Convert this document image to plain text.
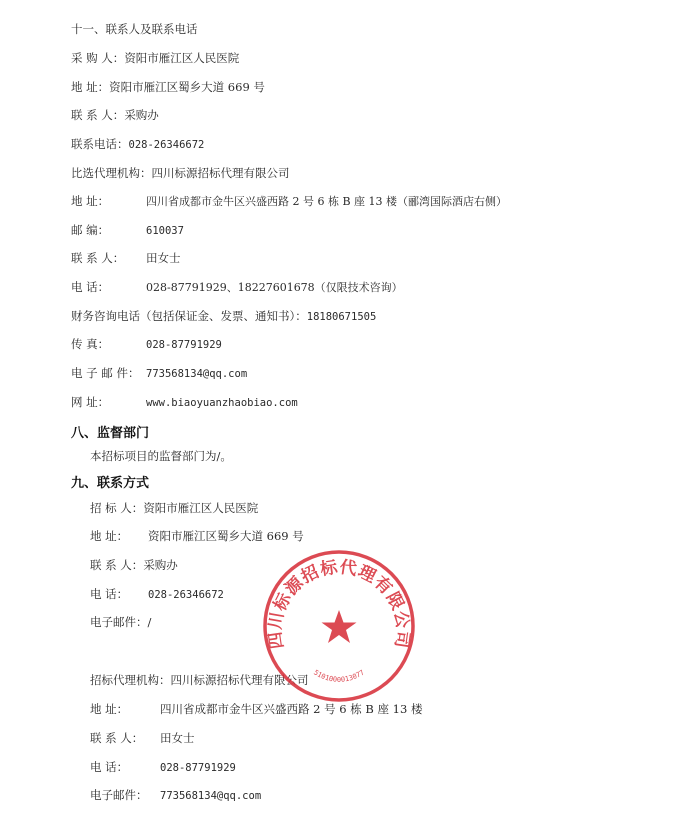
十一、联系人及联系电话
采 购 人：资阳市雁江区人民医院
地 址：资阳市雁江区蜀乡大道 669 号
联 系 人：采购办
联系电话：028-26346672
比选代理机构：四川标源招标代理有限公司
地 址：	四川省成都市金牛区兴盛西路 2 号 6 栋 B 座 13 楼（郦湾国际酒店右侧）
邮 编：	610037
联 系 人： 田女士
电 话：	028-87791929、18227601678（仅限技术咨询）
财务咨询电话（包括保证金、发票、通知书）：18180671505
传 真：	028-87791929
电 子 邮 件： 773568134@qq.com
网 址：	www.biaoyuanzhaobiao.com
八、监督部门
本招标项目的监督部门为/。
九、联系方式
招 标 人：资阳市雁江区人民医院
地 址： 资阳市雁江区蜀乡大道 669 号
联 系 人：采购办
电 话： 028-26346672
电子邮件：/
招标代理机构：四川标源招标代理有限公司
地 址：	四川省成都市金牛区兴盛西路 2 号 6 栋 B 座 13 楼
联 系 人： 田女士
电 话：	028-87791929
电子邮件： 773568134@qq.com
四川标源招标代理有限公司
5101000013077
